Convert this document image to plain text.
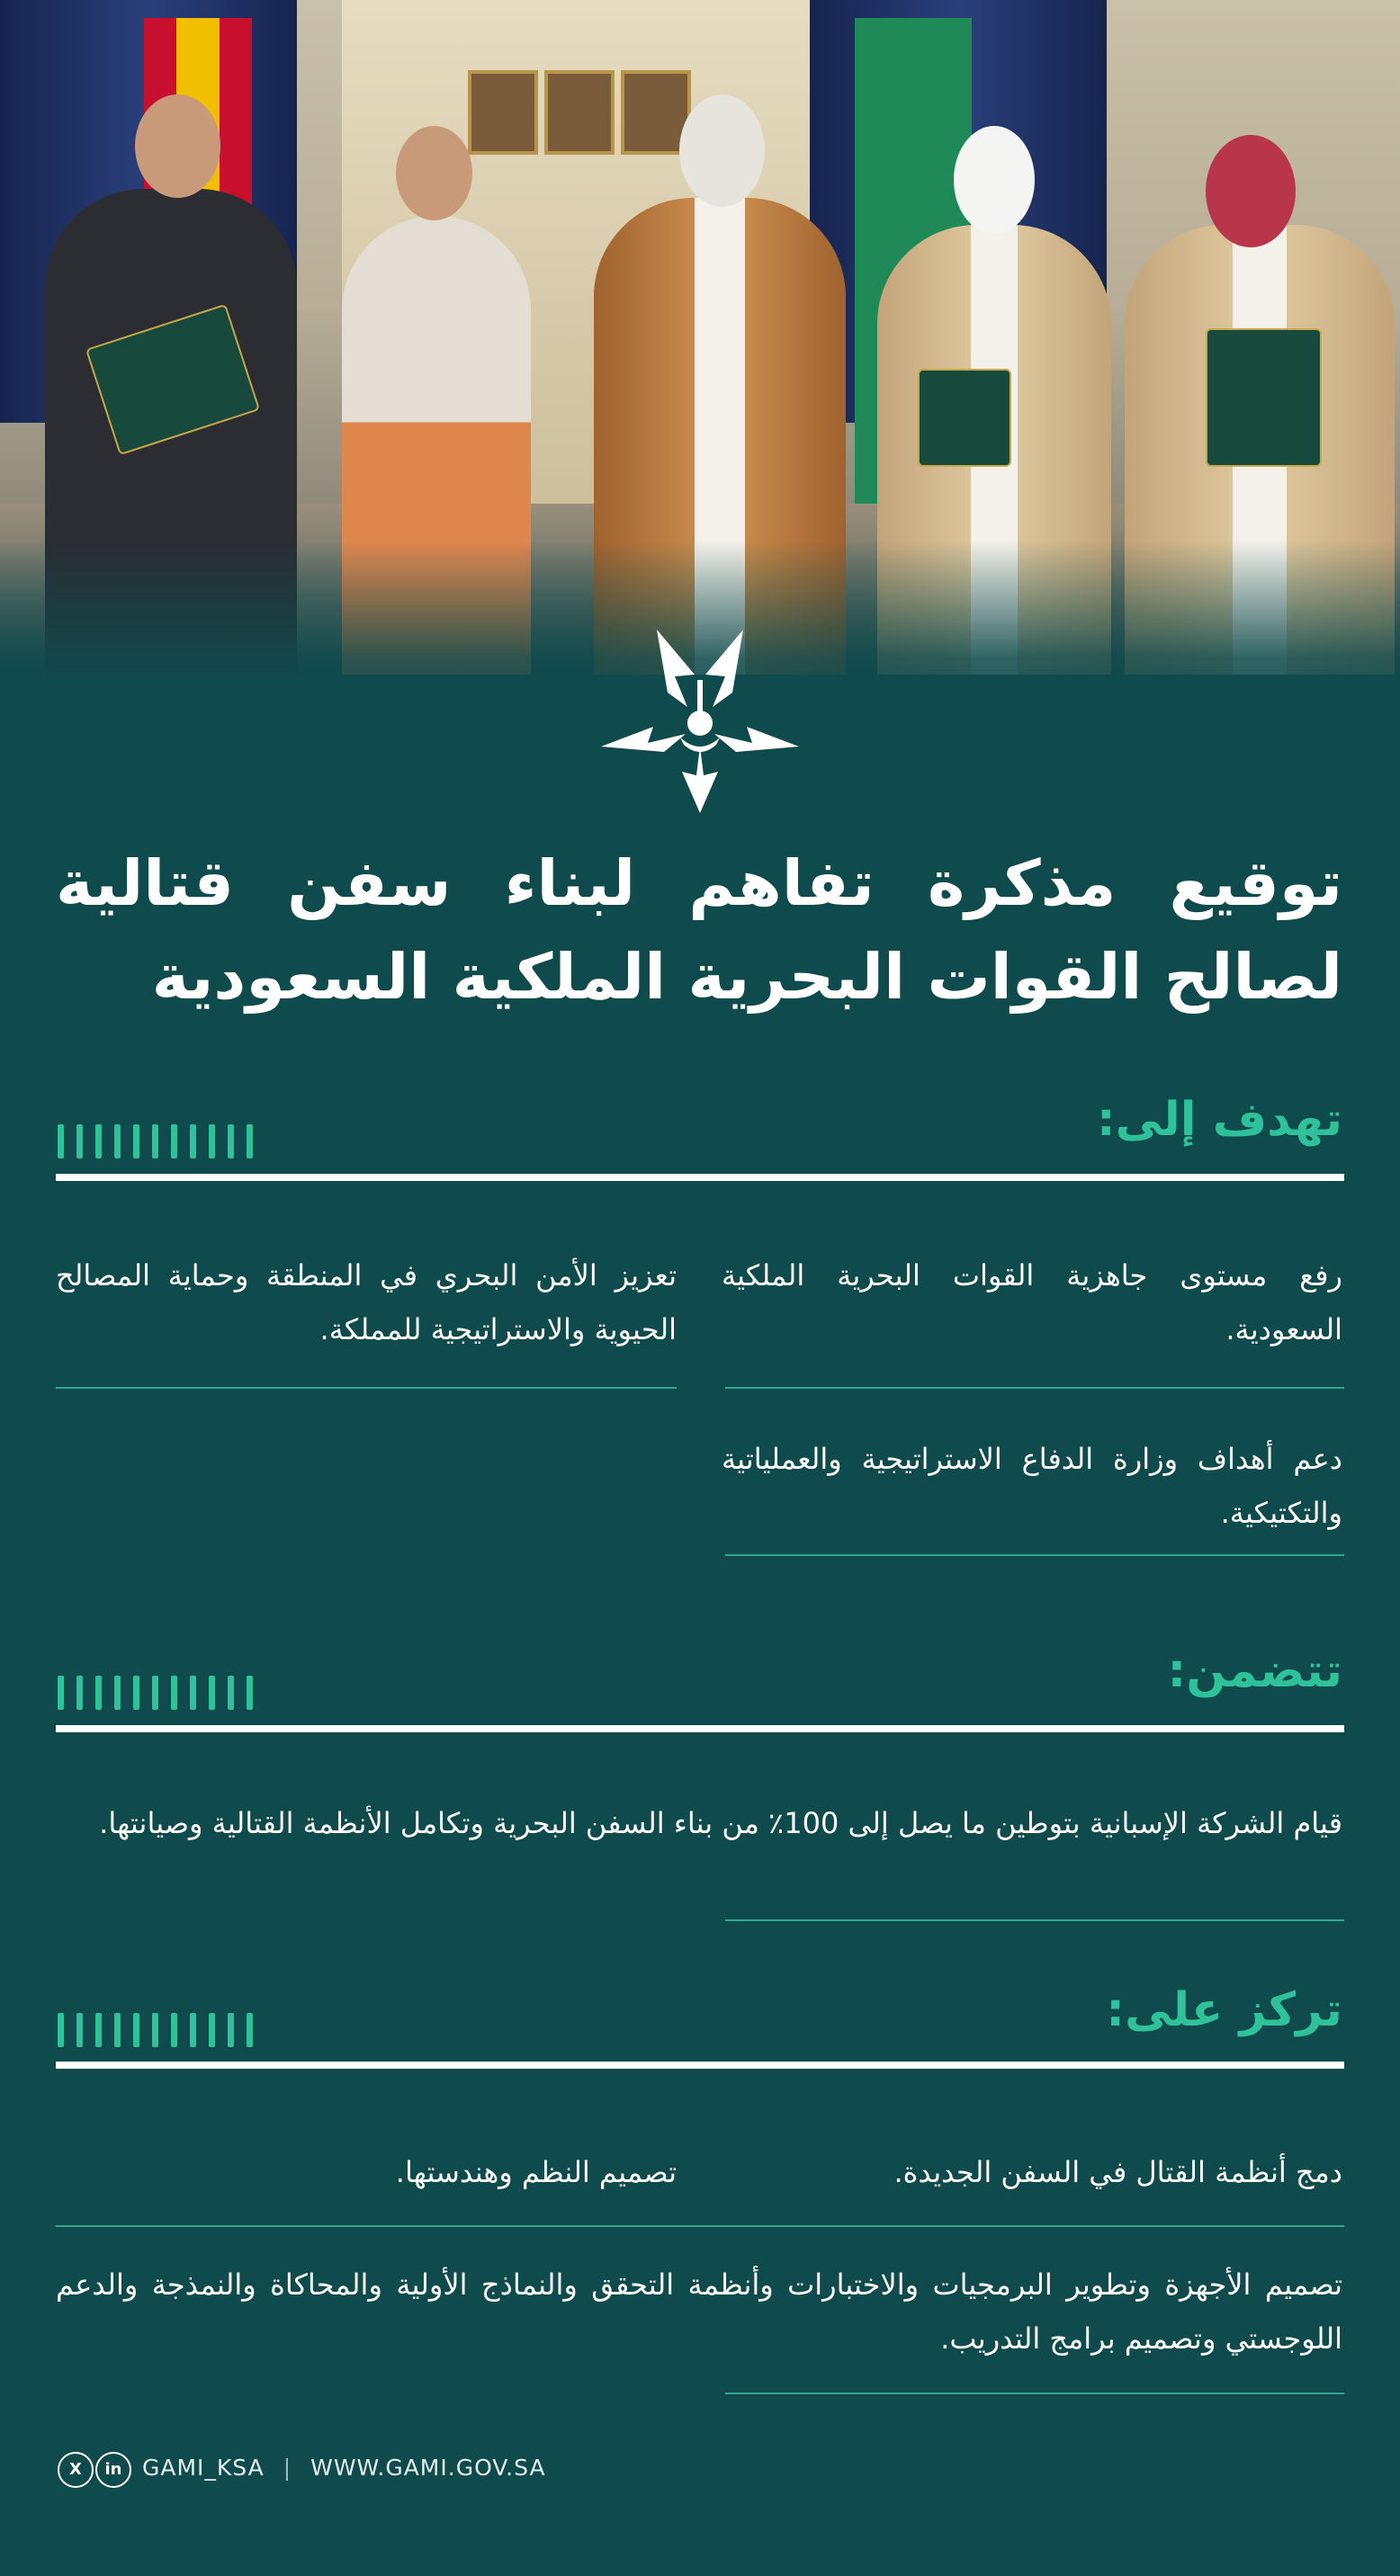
توقيع مذكرة تفاهم لبناء سفن قتالية
لصالح القوات البحرية الملكية السعودية
تهدف إلى:
رفع مستوى جاهزية القوات البحرية الملكية السعودية.
تعزيز الأمن البحري في المنطقة وحماية المصالح الحيوية والاستراتيجية للمملكة.
دعم أهداف وزارة الدفاع الاستراتيجية والعملياتية والتكتيكية.
تتضمن:
قيام الشركة الإسبانية بتوطين ما يصل إلى 100٪ من بناء السفن البحرية وتكامل الأنظمة القتالية وصيانتها.
تركز على:
دمج أنظمة القتال في السفن الجديدة.
تصميم النظم وهندستها.
تصميم الأجهزة وتطوير البرمجيات والاختبارات وأنظمة التحقق والنماذج الأولية والمحاكاة والنمذجة والدعم اللوجستي وتصميم برامج التدريب.
X	in GAMI_KSA | WWW.GAMI.GOV.SA
